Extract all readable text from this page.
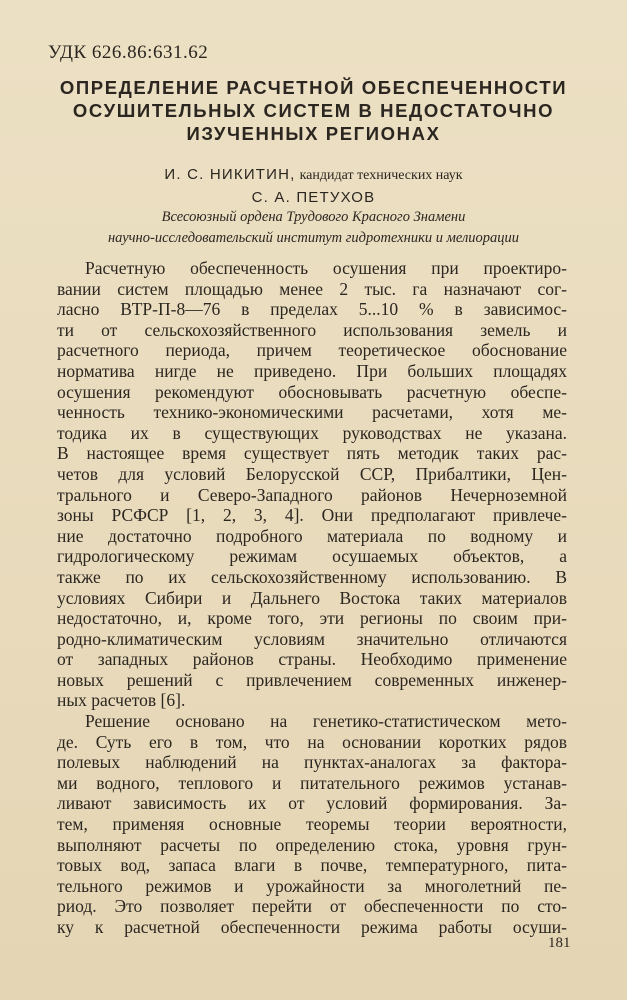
УДК 626.86:631.62
ОПРЕДЕЛЕНИЕ РАСЧЕТНОЙ ОБЕСПЕЧЕННОСТИ
ОСУШИТЕЛЬНЫХ СИСТЕМ В НЕДОСТАТОЧНО
ИЗУЧЕННЫХ РЕГИОНАХ
И. С. НИКИТИН, кандидат технических наук
С. А. ПЕТУХОВ
Всесоюзный ордена Трудового Красного Знамени
научно-исследовательский институт гидротехники и мелиорации
Расчетную обеспеченность осушения при проектиро-
вании систем площадью менее 2 тыс. га назначают сог-
ласно ВТР-П-8—76 в пределах 5...10 % в зависимос-
ти от сельскохозяйственного использования земель и
расчетного периода, причем теоретическое обоснование
норматива нигде не приведено. При больших площадях
осушения рекомендуют обосновывать расчетную обеспе-
ченность технико-экономическими расчетами, хотя ме-
тодика их в существующих руководствах не указана.
В настоящее время существует пять методик таких рас-
четов для условий Белорусской ССР, Прибалтики, Цен-
трального и Северо-Западного районов Нечерноземной
зоны РСФСР [1, 2, 3, 4]. Они предполагают привлече-
ние достаточно подробного материала по водному и
гидрологическому режимам осушаемых объектов, а
также по их сельскохозяйственному использованию. В
условиях Сибири и Дальнего Востока таких материалов
недостаточно, и, кроме того, эти регионы по своим при-
родно-климатическим условиям значительно отличаются
от западных районов страны. Необходимо применение
новых решений с привлечением современных инженер-
ных расчетов [6].
Решение основано на генетико-статистическом мето-
де. Суть его в том, что на основании коротких рядов
полевых наблюдений на пунктах-аналогах за фактора-
ми водного, теплового и питательного режимов устанав-
ливают зависимость их от условий формирования. За-
тем, применяя основные теоремы теории вероятности,
выполняют расчеты по определению стока, уровня грун-
товых вод, запаса влаги в почве, температурного, пита-
тельного режимов и урожайности за многолетний пе-
риод. Это позволяет перейти от обеспеченности по сто-
ку к расчетной обеспеченности режима работы осуши-
181
